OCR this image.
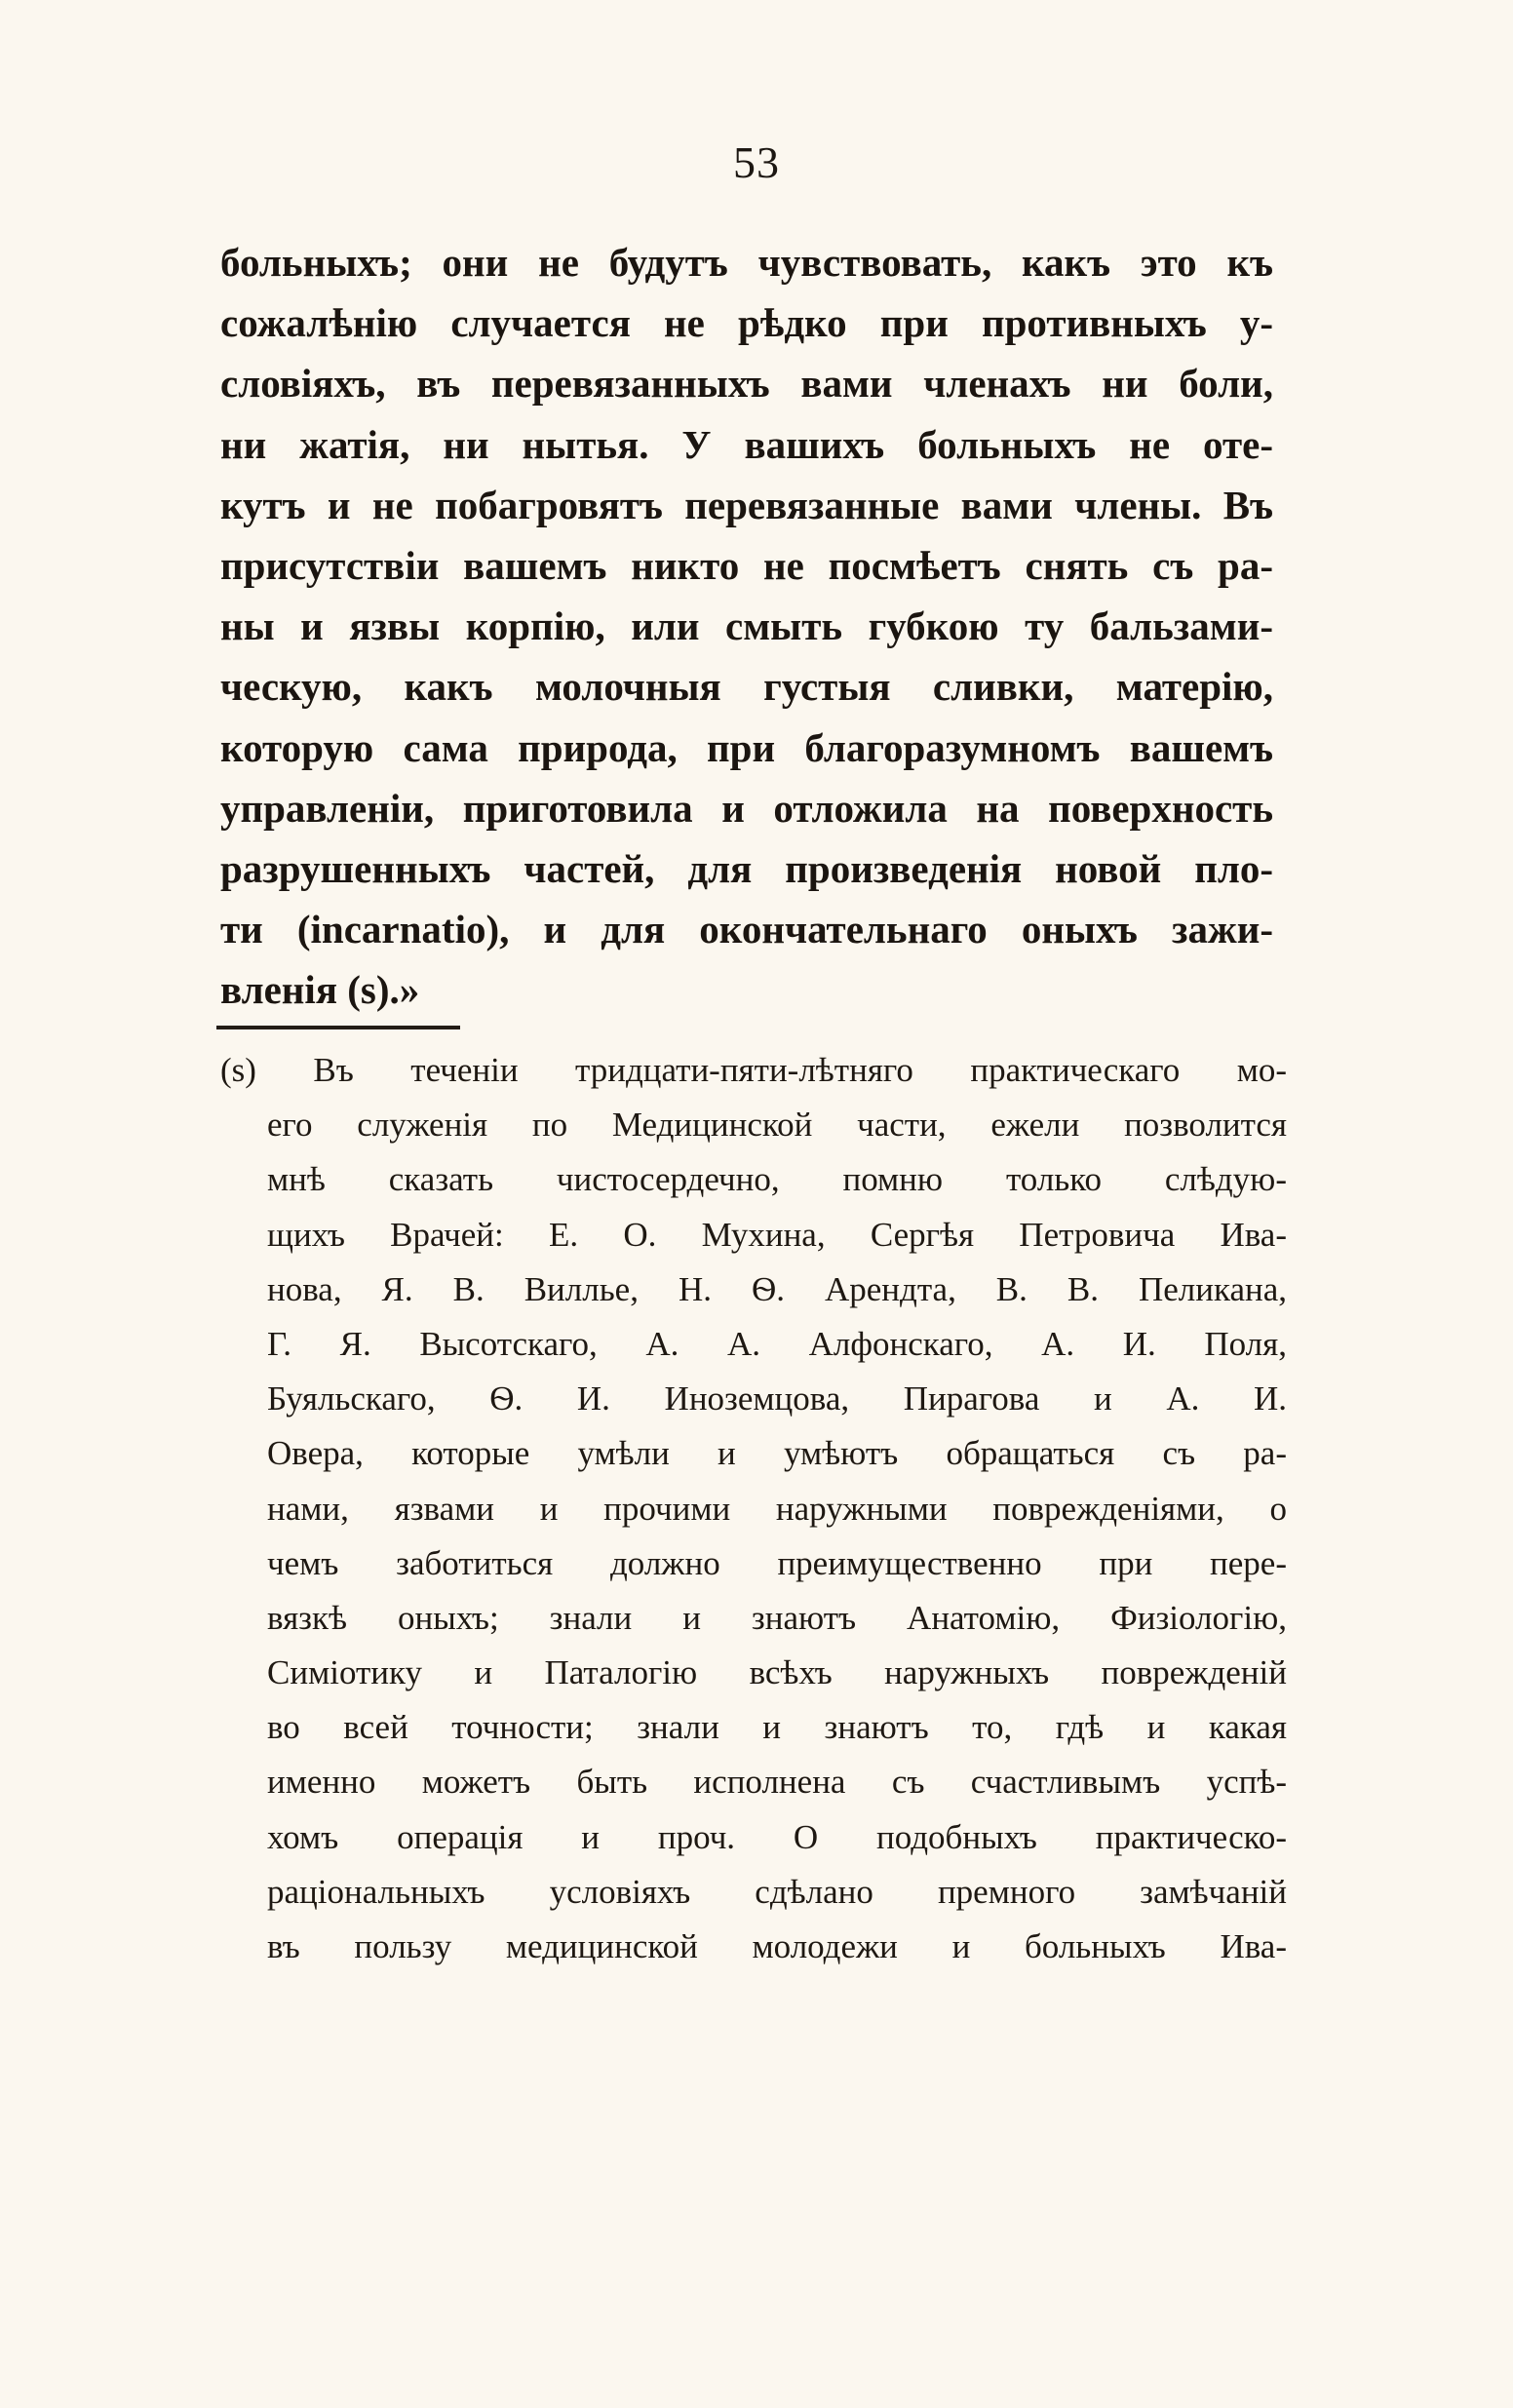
53
больныхъ; они не будутъ чувствовать, какъ это къ
сожалѣнію случается не рѣдко при противныхъ у-
словіяхъ, въ перевязанныхъ вами членахъ ни боли,
ни жатія, ни нытья. У вашихъ больныхъ не оте-
кутъ и не побагровятъ перевязанные вами члены. Въ
присутствіи вашемъ никто не посмѣетъ снять съ ра-
ны и язвы корпію, или смыть губкою ту бальзами-
ческую, какъ молочныя густыя сливки, матерію,
которую сама природа, при благоразумномъ вашемъ
управленіи, приготовила и отложила на поверхность
разрушенныхъ частей, для произведенія новой пло-
ти (incarnatio), и для окончательнаго оныхъ зажи-
вленія (s).»
(s) Въ теченіи тридцати-пяти-лѣтняго практическаго мо-
его служенія по Медицинской части, ежели позволится
мнѣ сказать чистосердечно, помню только слѣдую-
щихъ Врачей: Е. О. Мухина, Сергѣя Петровича Ива-
нова, Я. В. Виллье, Н. Ѳ. Арендта, В. В. Пеликана,
Г. Я. Высотскаго, А. А. Алфонскаго, А. И. Поля,
Буяльскаго, Ѳ. И. Иноземцова, Пирагова и А. И.
Овера, которые умѣли и умѣютъ обращаться съ ра-
нами, язвами и прочими наружными поврежденіями, о
чемъ заботиться должно преимущественно при пере-
вязкѣ оныхъ; знали и знаютъ Анатомію, Физіологію,
Симіотику и Паталогію всѣхъ наружныхъ поврежденій
во всей точности; знали и знаютъ то, гдѣ и какая
именно можетъ быть исполнена съ счастливымъ успѣ-
хомъ операція и проч. О подобныхъ практическо-
раціональныхъ условіяхъ сдѣлано премного замѣчаній
въ пользу медицинской молодежи и больныхъ Ива-
